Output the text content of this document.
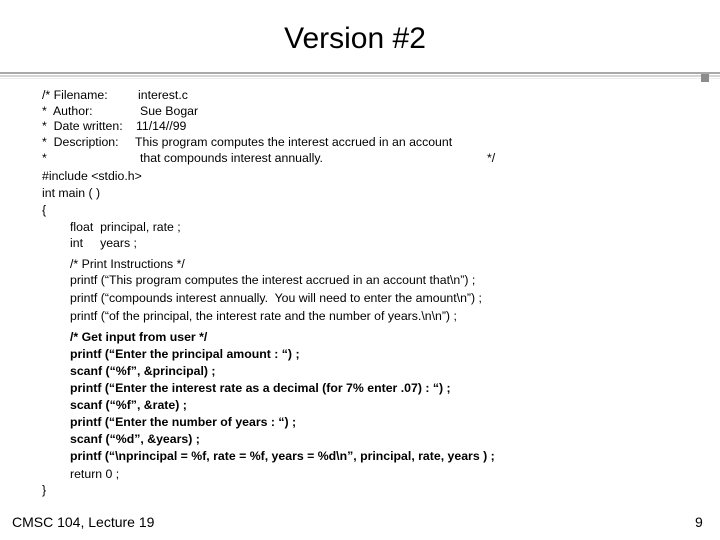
Version #2
/* Filename: interest.c
*  Author:	Sue Bogar
*  Date written: 11/14//99
*  Description: This program computes the interest accrued in an account
*	that compounds interest annually.	*/
#include <stdio.h>
int main ( )
{
float  principal, rate ;
int     years ;
/* Print Instructions */
printf (“This program computes the interest accrued in an account that\n”) ;
printf (“compounds interest annually.  You will need to enter the amount\n”) ;
printf (“of the principal, the interest rate and the number of years.\n\n”) ;
/* Get input from user */
printf (“Enter the principal amount : “) ;
scanf (“%f”, &principal) ;
printf (“Enter the interest rate as a decimal (for 7% enter .07) : “) ;
scanf (“%f”, &rate) ;
printf (“Enter the number of years : “) ;
scanf (“%d”, &years) ;
printf (“\nprincipal = %f, rate = %f, years = %d\n”, principal, rate, years ) ;
return 0 ;
}
CMSC 104, Lecture 19	9
